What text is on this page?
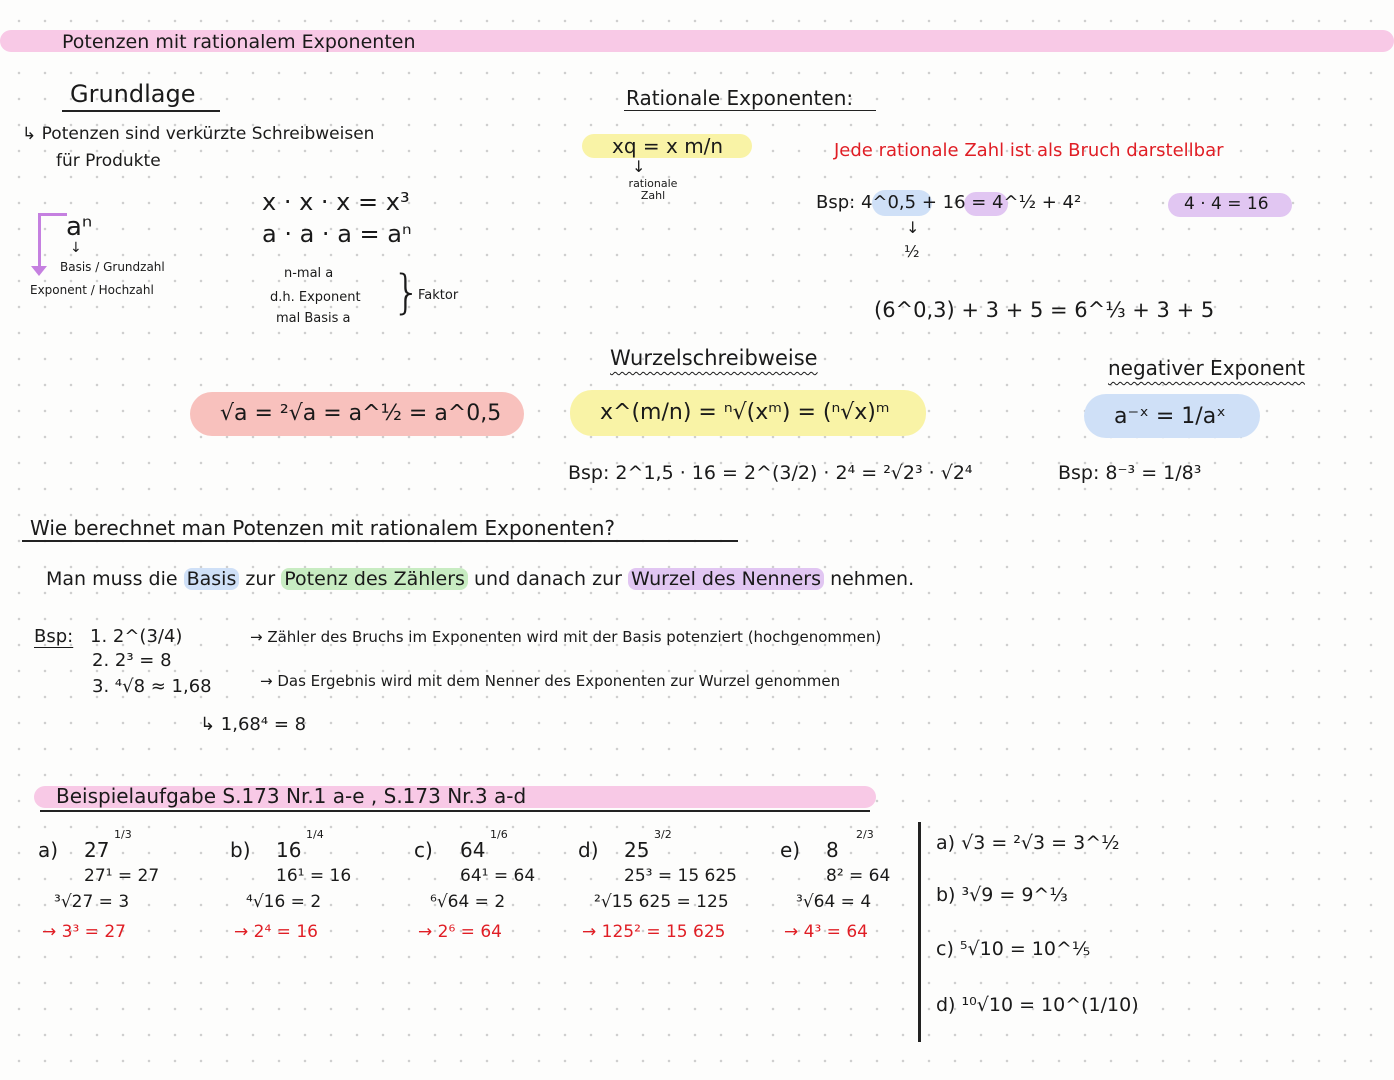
Potenzen mit rationalem Exponenten
Grundlage
↳ Potenzen sind verkürzte Schreibweisen
für Produkte
aⁿ
↓
Basis / Grundzahl
Exponent / Hochzahl
x · x · x = x³
a · a · a = aⁿ
n-mal a
d.h. Exponent
mal Basis a }
Faktor
√a = ²√a = a^½ = a^0,5
Rationale Exponenten:
xq = x m/n
↓
rationale Zahl
Jede rationale Zahl ist als Bruch darstellbar
Bsp: 4^0,5 + 16 = 4^½ + 4²
↓
½
4 · 4 = 16
(6^0,3) + 3 + 5 = 6^⅓ + 3 + 5
Wurzelschreibweise
x^(m/n) = ⁿ√(xᵐ) = (ⁿ√x)ᵐ
Bsp: 2^1,5 · 16 = 2^(3/2) · 2⁴ = ²√2³ · √2⁴
negativer Exponent
a⁻ˣ = 1/aˣ
Bsp: 8⁻³ = 1/8³
Wie berechnet man Potenzen mit rationalem Exponenten?
Man muss die Basis zur Potenz des Zählers und danach zur Wurzel des Nenners nehmen.
Bsp: 1. 2^(3/4)	→ Zähler des Bruchs im Exponenten wird mit der Basis potenziert (hochgenommen)
2. 2³ = 8
3. ⁴√8 ≈ 1,68	→ Das Ergebnis wird mit dem Nenner des Exponenten zur Wurzel genommen
↳ 1,68⁴ = 8
Beispielaufgabe S.173 Nr.1 a-e , S.173 Nr.3 a-d
a) 27
1/3
27¹ = 27
³√27 = 3
→ 3³ = 27
b) 16
1/4
16¹ = 16
⁴√16 = 2
→ 2⁴ = 16
c) 64
1/6
64¹ = 64
⁶√64 = 2
→ 2⁶ = 64
d) 25
3/2
25³ = 15 625
²√15 625 = 125
→ 125² = 15 625
e) 8
2/3
8² = 64
³√64 = 4
→ 4³ = 64
a) √3 = ²√3 = 3^½
b) ³√9 = 9^⅓
c) ⁵√10 = 10^⅕
d) ¹⁰√10 = 10^(1/10)
